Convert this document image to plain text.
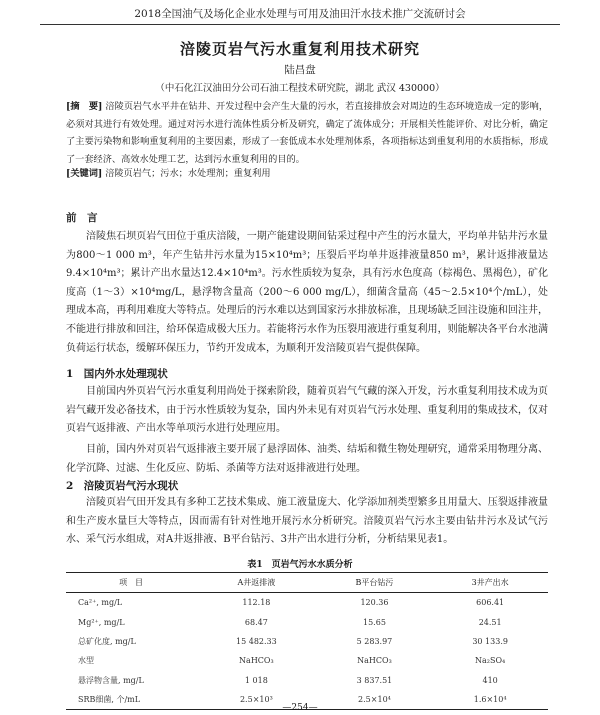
2018全国油气及场化企业水处理与可用及油田汗水技术推广交流研讨会
涪陵页岩气污水重复利用技术研究
陆昌盘
（中石化江汉油田分公司石油工程技术研究院，湖北 武汉 430000）
[摘　要] 涪陵页岩气水平井在钻井、开发过程中会产生大量的污水，若直接排放会对周边的生态环境造成一定的影响，必须对其进行有效处理。通过对污水进行流体性质分析及研究，确定了流体成分；开展相关性能评价、对比分析，确定了主要污染物和影响重复利用的主要因素，形成了一套低成本水处理剂体系，各项指标达到重复利用的水质指标，形成了一套经济、高效水处理工艺，达到污水重复利用的目的。
[关键词] 涪陵页岩气；污水；水处理剂；重复利用
前　言
涪陵焦石坝页岩气田位于重庆涪陵，一期产能建设期间钻采过程中产生的污水量大，平均单井钻井污水量为800～1 000 m³，年产生钻井污水量为15×10⁴m³；压裂后平均单井返排液量850 m³，累计返排液量达9.4×10⁴m³；累计产出水量达12.4×10⁴m³。污水性质较为复杂，具有污水色度高（棕褐色、黑褐色），矿化度高（1～3）×10⁴mg/L，悬浮物含量高（200～6 000 mg/L），细菌含量高（45～2.5×10⁴个/mL），处理成本高，再利用难度大等特点。处理后的污水难以达到国家污水排放标准，且现场缺乏回注设施和回注井，不能进行排放和回注，给环保造成极大压力。若能将污水作为压裂用液进行重复利用，则能解决各平台水池满负荷运行状态，缓解环保压力，节约开发成本，为顺利开发涪陵页岩气提供保障。
1　国内外水处理现状
目前国内外页岩气污水重复利用尚处于探索阶段，随着页岩气气藏的深入开发，污水重复利用技术成为页岩气藏开发必备技术，由于污水性质较为复杂，国内外未见有对页岩气污水处理、重复利用的集成技术，仅对页岩气返排液、产出水等单项污水进行处理应用。
目前，国内外对页岩气返排液主要开展了悬浮固体、油类、结垢和微生物处理研究，通常采用物理分离、化学沉降、过滤、生化反应、防垢、杀菌等方法对返排液进行处理。
2　涪陵页岩气污水现状
涪陵页岩气田开发具有多种工艺技术集成、施工液量庞大、化学添加剂类型繁多且用量大、压裂返排液量和生产废水量巨大等特点，因而需有针对性地开展污水分析研究。涪陵页岩气污水主要由钻井污水及试气污水、采气污水组成，对A井返排液、B平台钻污、3井产出水进行分析，分析结果见表1。
表1　页岩气污水水质分析
项　目	A井返排液	B平台钻污	3井产出水
Ca²⁺, mg/L	112.18	120.36	606.41
Mg²⁺, mg/L	68.47	15.65	24.51
总矿化度, mg/L	15 482.33	5 283.97	30 133.9
水型	NaHCO₃	NaHCO₃	Na₂SO₄
悬浮物含量, mg/L	1 018	3 837.51	410
SRB细菌, 个/mL	2.5×10³	2.5×10⁴	1.6×10⁴
—254—
